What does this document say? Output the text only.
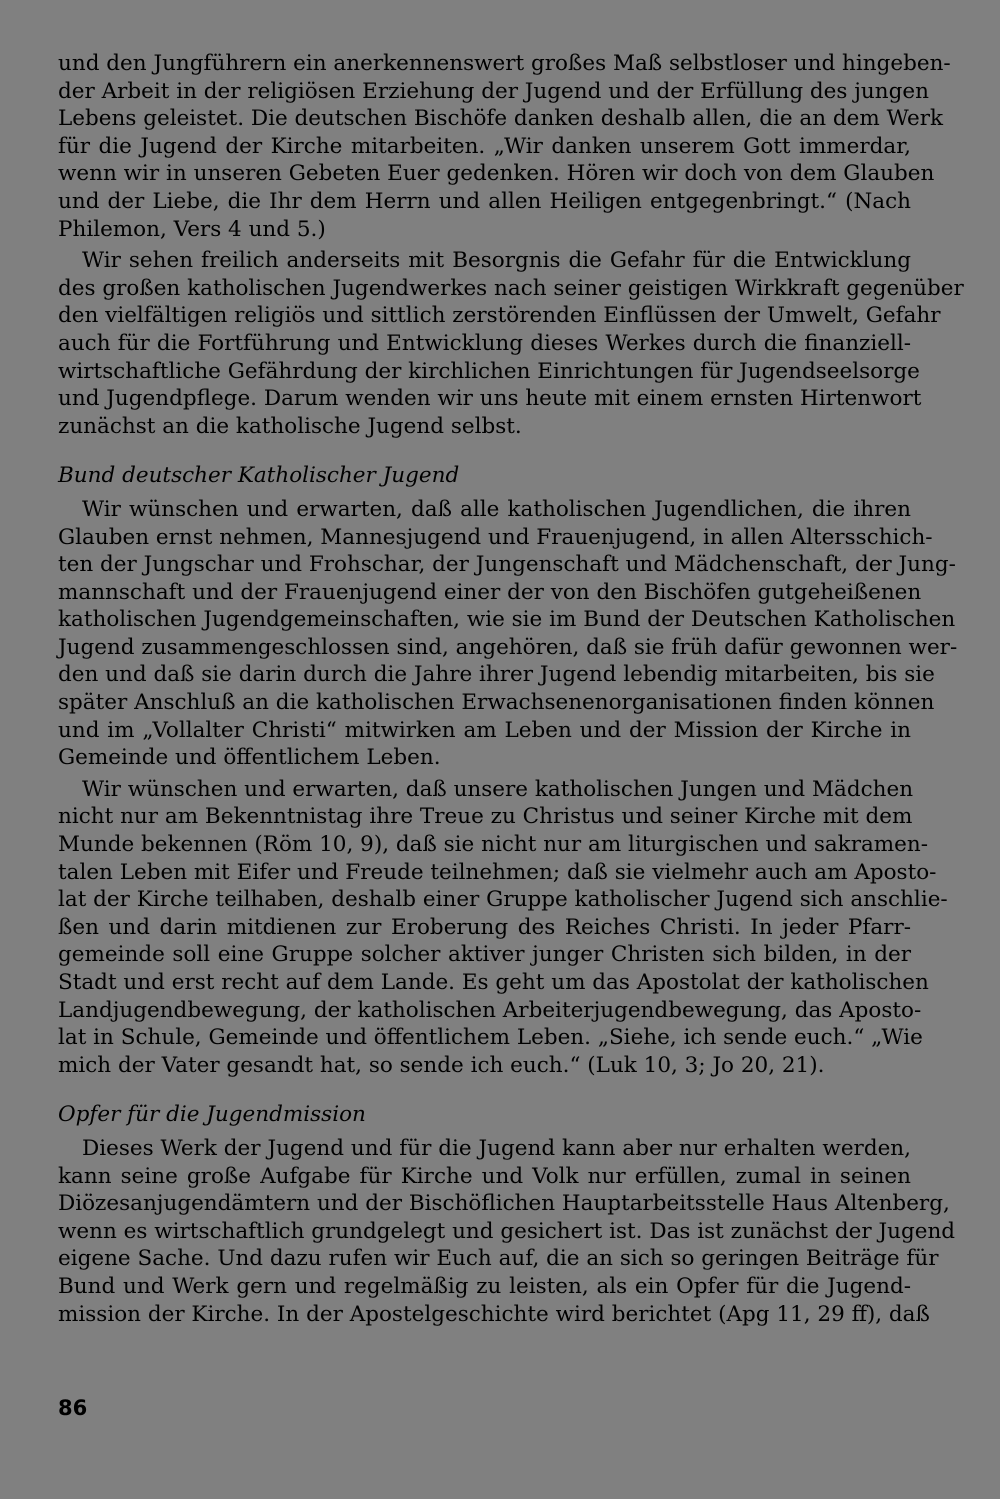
und den Jungführern ein anerkennenswert großes Maß selbstloser und hingeben-
der Arbeit in der religiösen Erziehung der Jugend und der Erfüllung des jungen
Lebens geleistet. Die deutschen Bischöfe danken deshalb allen, die an dem Werk
für die Jugend der Kirche mitarbeiten. „Wir danken unserem Gott immerdar,
wenn wir in unseren Gebeten Euer gedenken. Hören wir doch von dem Glauben
und der Liebe, die Ihr dem Herrn und allen Heiligen entgegenbringt.“ (Nach
Philemon, Vers 4 und 5.)
Wir sehen freilich anderseits mit Besorgnis die Gefahr für die Entwicklung
des großen katholischen Jugendwerkes nach seiner geistigen Wirkkraft gegenüber
den vielfältigen religiös und sittlich zerstörenden Einflüssen der Umwelt, Gefahr
auch für die Fortführung und Entwicklung dieses Werkes durch die finanziell-
wirtschaftliche Gefährdung der kirchlichen Einrichtungen für Jugendseelsorge
und Jugendpflege. Darum wenden wir uns heute mit einem ernsten Hirtenwort
zunächst an die katholische Jugend selbst.
Bund deutscher Katholischer Jugend
Wir wünschen und erwarten, daß alle katholischen Jugendlichen, die ihren
Glauben ernst nehmen, Mannesjugend und Frauenjugend, in allen Altersschich-
ten der Jungschar und Frohschar, der Jungenschaft und Mädchenschaft, der Jung-
mannschaft und der Frauenjugend einer der von den Bischöfen gutgeheißenen
katholischen Jugendgemeinschaften, wie sie im Bund der Deutschen Katholischen
Jugend zusammengeschlossen sind, angehören, daß sie früh dafür gewonnen wer-
den und daß sie darin durch die Jahre ihrer Jugend lebendig mitarbeiten, bis sie
später Anschluß an die katholischen Erwachsenenorganisationen finden können
und im „Vollalter Christi“ mitwirken am Leben und der Mission der Kirche in
Gemeinde und öffentlichem Leben.
Wir wünschen und erwarten, daß unsere katholischen Jungen und Mädchen
nicht nur am Bekenntnistag ihre Treue zu Christus und seiner Kirche mit dem
Munde bekennen (Röm 10, 9), daß sie nicht nur am liturgischen und sakramen-
talen Leben mit Eifer und Freude teilnehmen; daß sie vielmehr auch am Aposto-
lat der Kirche teilhaben, deshalb einer Gruppe katholischer Jugend sich anschlie-
ßen und darin mitdienen zur Eroberung des Reiches Christi. In jeder Pfarr-
gemeinde soll eine Gruppe solcher aktiver junger Christen sich bilden, in der
Stadt und erst recht auf dem Lande. Es geht um das Apostolat der katholischen
Landjugendbewegung, der katholischen Arbeiterjugendbewegung, das Aposto-
lat in Schule, Gemeinde und öffentlichem Leben. „Siehe, ich sende euch.“ „Wie
mich der Vater gesandt hat, so sende ich euch.“ (Luk 10, 3; Jo 20, 21).
Opfer für die Jugendmission
Dieses Werk der Jugend und für die Jugend kann aber nur erhalten werden,
kann seine große Aufgabe für Kirche und Volk nur erfüllen, zumal in seinen
Diözesanjugendämtern und der Bischöflichen Hauptarbeitsstelle Haus Altenberg,
wenn es wirtschaftlich grundgelegt und gesichert ist. Das ist zunächst der Jugend
eigene Sache. Und dazu rufen wir Euch auf, die an sich so geringen Beiträge für
Bund und Werk gern und regelmäßig zu leisten, als ein Opfer für die Jugend-
mission der Kirche. In der Apostelgeschichte wird berichtet (Apg 11, 29 ff), daß
86
